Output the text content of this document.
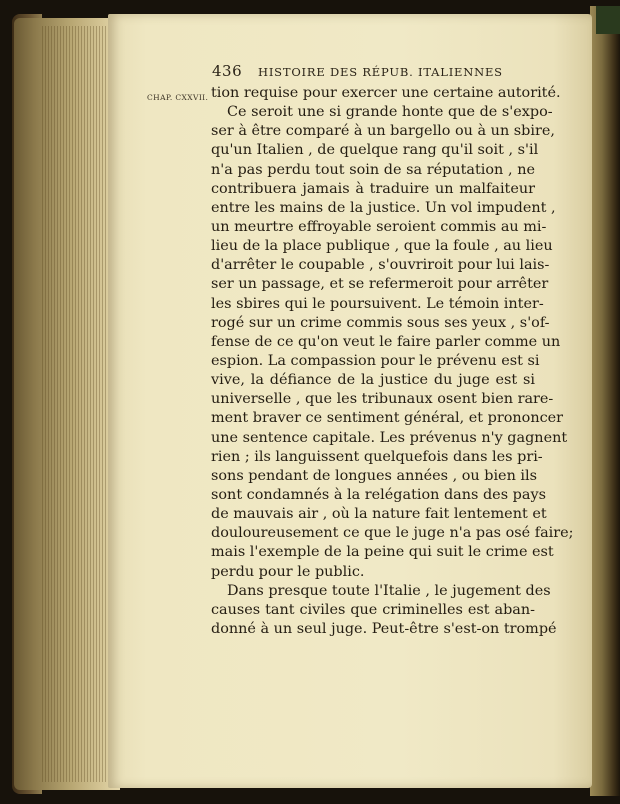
436 HISTOIRE DES RÉPUB. ITALIENNES
CHAP. CXXVII. tion requise pour exercer une certaine autorité.
Ce seroit une si grande honte que de s'expo-
ser à être comparé à un bargello ou à un sbire,
qu'un Italien , de quelque rang qu'il soit , s'il
n'a pas perdu tout soin de sa réputation , ne
contribuera jamais à traduire un malfaiteur
entre les mains de la justice. Un vol impudent ,
un meurtre effroyable seroient commis au mi-
lieu de la place publique , que la foule , au lieu
d'arrêter le coupable , s'ouvriroit pour lui lais-
ser un passage, et se refermeroit pour arrêter
les sbires qui le poursuivent. Le témoin inter-
rogé sur un crime commis sous ses yeux , s'of-
fense de ce qu'on veut le faire parler comme un
espion. La compassion pour le prévenu est si
vive, la défiance de la justice du juge est si
universelle , que les tribunaux osent bien rare-
ment braver ce sentiment général, et prononcer
une sentence capitale. Les prévenus n'y gagnent
rien ; ils languissent quelquefois dans les pri-
sons pendant de longues années , ou bien ils
sont condamnés à la relégation dans des pays
de mauvais air , où la nature fait lentement et
douloureusement ce que le juge n'a pas osé faire;
mais l'exemple de la peine qui suit le crime est
perdu pour le public.
Dans presque toute l'Italie , le jugement des
causes tant civiles que criminelles est aban-
donné à un seul juge. Peut-être s'est-on trompé
